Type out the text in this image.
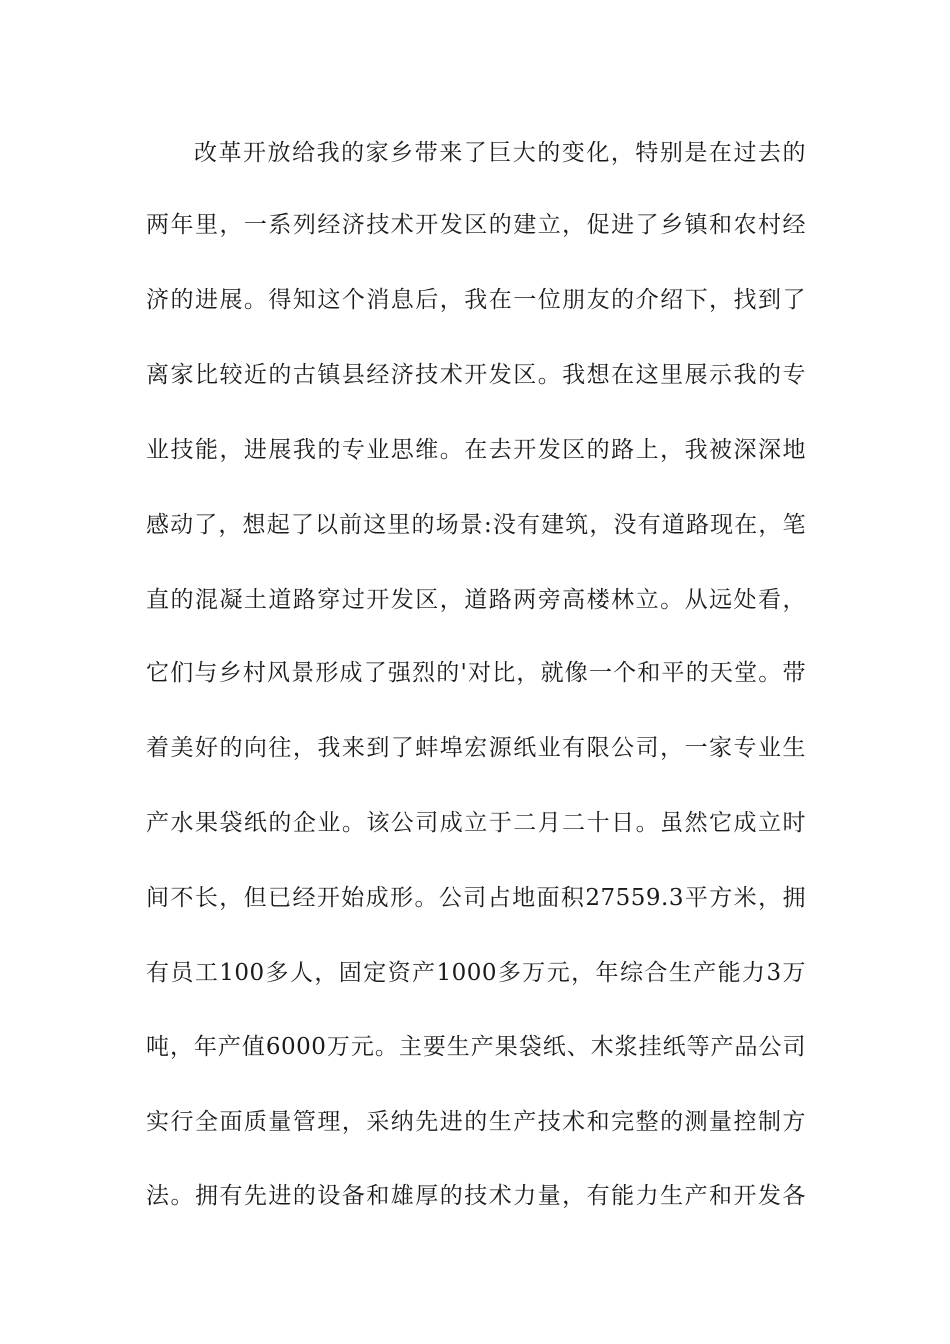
改革开放给我的家乡带来了巨大的变化，特别是在过去的
两年里，一系列经济技术开发区的建立，促进了乡镇和农村经
济的进展。得知这个消息后，我在一位朋友的介绍下，找到了
离家比较近的古镇县经济技术开发区。我想在这里展示我的专
业技能，进展我的专业思维。在去开发区的路上，我被深深地
感动了，想起了以前这里的场景:没有建筑，没有道路现在，笔
直的混凝土道路穿过开发区，道路两旁高楼林立。从远处看，
它们与乡村风景形成了强烈的'对比，就像一个和平的天堂。带
着美好的向往，我来到了蚌埠宏源纸业有限公司，一家专业生
产水果袋纸的企业。该公司成立于二月二十日。虽然它成立时
间不长，但已经开始成形。公司占地面积27559.3平方米，拥
有员工100多人，固定资产1000多万元，年综合生产能力3万
吨，年产值6000万元。主要生产果袋纸、木浆挂纸等产品公司
实行全面质量管理，采纳先进的生产技术和完整的测量控制方
法。拥有先进的设备和雄厚的技术力量，有能力生产和开发各
